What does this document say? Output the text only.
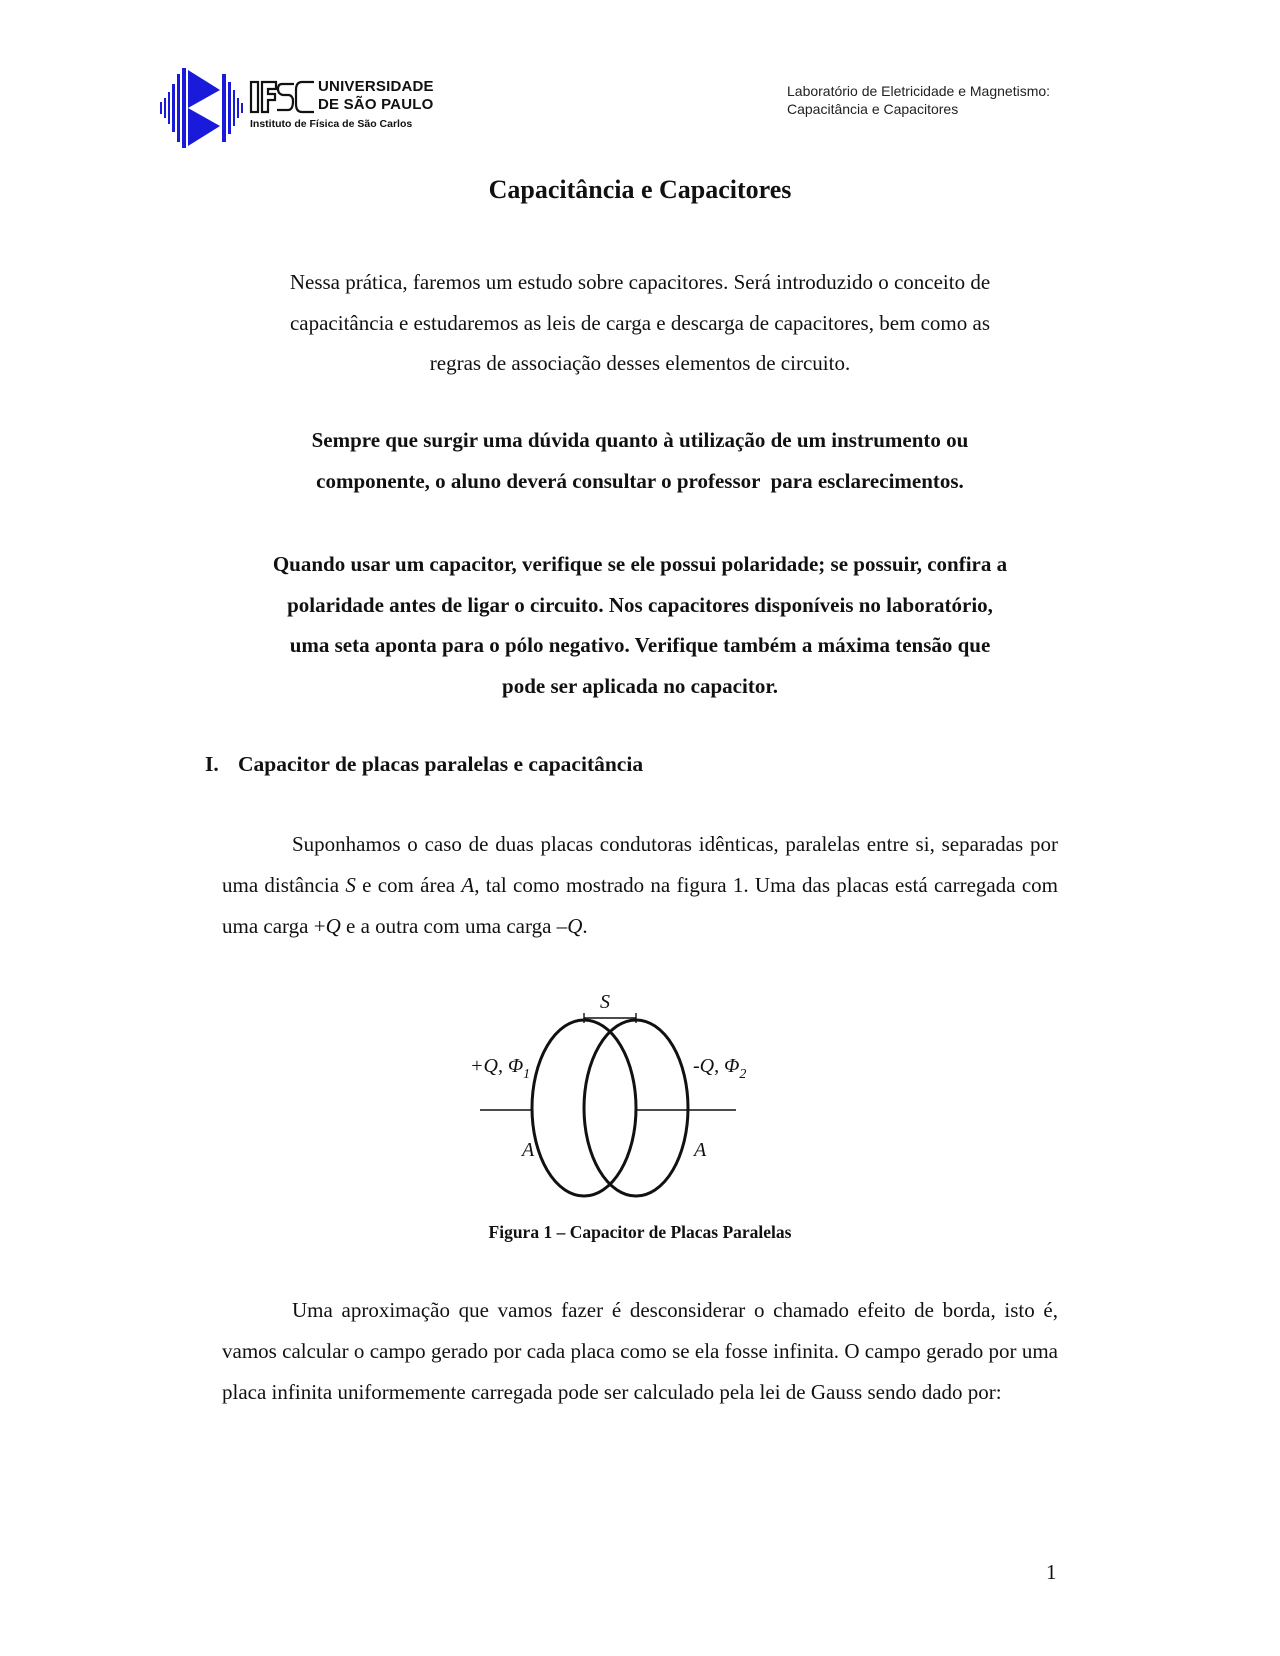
UNIVERSIDADE
DE SÃO PAULO
Instituto de Física de São Carlos
Laboratório de Eletricidade e Magnetismo:
Capacitância e Capacitores
Capacitância e Capacitores
Nessa prática, faremos um estudo sobre capacitores. Será introduzido o conceito de
capacitância e estudaremos as leis de carga e descarga de capacitores, bem como as
regras de associação desses elementos de circuito.
Sempre que surgir uma dúvida quanto à utilização de um instrumento ou
componente, o aluno deverá consultar o professor  para esclarecimentos.
Quando usar um capacitor, verifique se ele possui polaridade; se possuir, confira a
polaridade antes de ligar o circuito. Nos capacitores disponíveis no laboratório,
uma seta aponta para o pólo negativo. Verifique também a máxima tensão que
pode ser aplicada no capacitor.
I. Capacitor de placas paralelas e capacitância
Suponhamos o caso de duas placas condutoras idênticas, paralelas entre si, separadas por uma distância S e com área A, tal como mostrado na figura 1. Uma das placas está carregada com uma carga +Q e a outra com uma carga –Q.
S
+Q, $\Phi_1$	-Q, $\Phi_2$
A	A
Figura 1 – Capacitor de Placas Paralelas
Uma aproximação que vamos fazer é desconsiderar o chamado efeito de borda, isto é, vamos calcular o campo gerado por cada placa como se ela fosse infinita. O campo gerado por uma placa infinita uniformemente carregada pode ser calculado pela lei de Gauss sendo dado por:
1
